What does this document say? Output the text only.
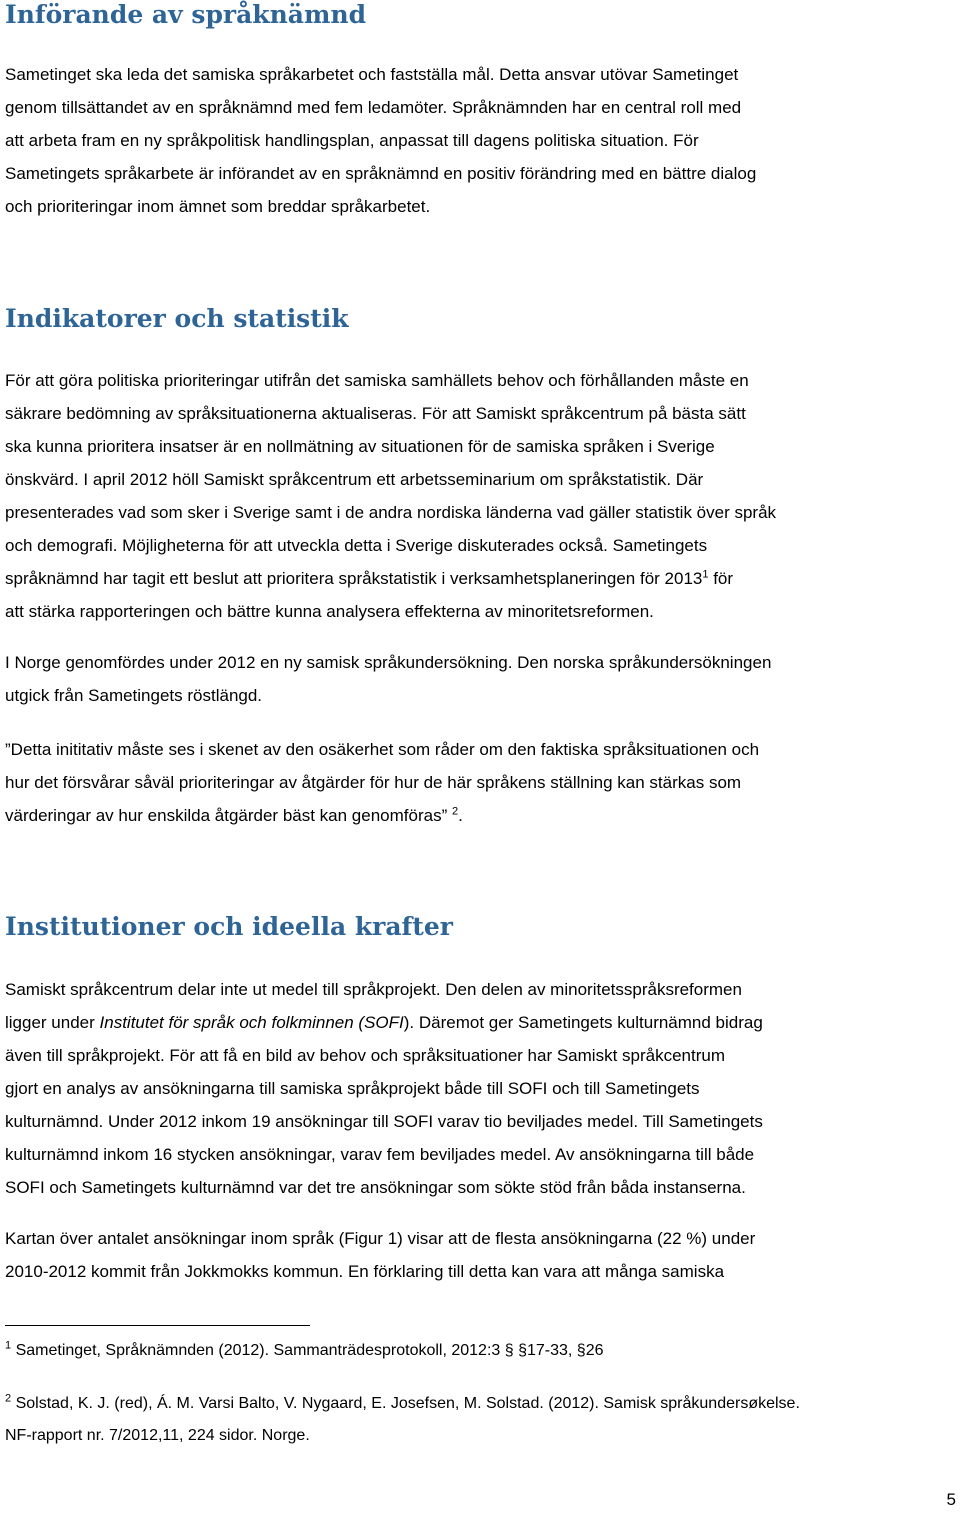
Införande av språknämnd
Sametinget ska leda det samiska språkarbetet och fastställa mål. Detta ansvar utövar Sametinget
genom tillsättandet av en språknämnd med fem ledamöter. Språknämnden har en central roll med
att arbeta fram en ny språkpolitisk handlingsplan, anpassat till dagens politiska situation. För
Sametingets språkarbete är införandet av en språknämnd en positiv förändring med en bättre dialog
och prioriteringar inom ämnet som breddar språkarbetet.
Indikatorer och statistik
För att göra politiska prioriteringar utifrån det samiska samhällets behov och förhållanden måste en
säkrare bedömning av språksituationerna aktualiseras. För att Samiskt språkcentrum på bästa sätt
ska kunna prioritera insatser är en nollmätning av situationen för de samiska språken i Sverige
önskvärd. I april 2012 höll Samiskt språkcentrum ett arbetsseminarium om språkstatistik. Där
presenterades vad som sker i Sverige samt i de andra nordiska länderna vad gäller statistik över språk
och demografi. Möjligheterna för att utveckla detta i Sverige diskuterades också. Sametingets
språknämnd har tagit ett beslut att prioritera språkstatistik i verksamhetsplaneringen för 2013$^1$ för
att stärka rapporteringen och bättre kunna analysera effekterna av minoritetsreformen.
I Norge genomfördes under 2012 en ny samisk språkundersökning. Den norska språkundersökningen
utgick från Sametingets röstlängd.
”Detta inititativ måste ses i skenet av den osäkerhet som råder om den faktiska språksituationen och
hur det försvårar såväl prioriteringar av åtgärder för hur de här språkens ställning kan stärkas som
värderingar av hur enskilda åtgärder bäst kan genomföras” $^2$.
Institutioner och ideella krafter
Samiskt språkcentrum delar inte ut medel till språkprojekt. Den delen av minoritetsspråksreformen
ligger under Institutet för språk och folkminnen (SOFI). Däremot ger Sametingets kulturnämnd bidrag
även till språkprojekt. För att få en bild av behov och språksituationer har Samiskt språkcentrum
gjort en analys av ansökningarna till samiska språkprojekt både till SOFI och till Sametingets
kulturnämnd. Under 2012 inkom 19 ansökningar till SOFI varav tio beviljades medel. Till Sametingets
kulturnämnd inkom 16 stycken ansökningar, varav fem beviljades medel. Av ansökningarna till både
SOFI och Sametingets kulturnämnd var det tre ansökningar som sökte stöd från båda instanserna.
Kartan över antalet ansökningar inom språk (Figur 1) visar att de flesta ansökningarna (22 %) under
2010-2012 kommit från Jokkmokks kommun. En förklaring till detta kan vara att många samiska
$^1$ Sametinget, Språknämnden (2012). Sammanträdesprotokoll, 2012:3 § §17-33, §26
$^2$ Solstad, K. J. (red), Á. M. Varsi Balto, V. Nygaard, E. Josefsen, M. Solstad. (2012). Samisk språkundersøkelse.
NF-rapport nr. 7/2012,11, 224 sidor. Norge.
5
